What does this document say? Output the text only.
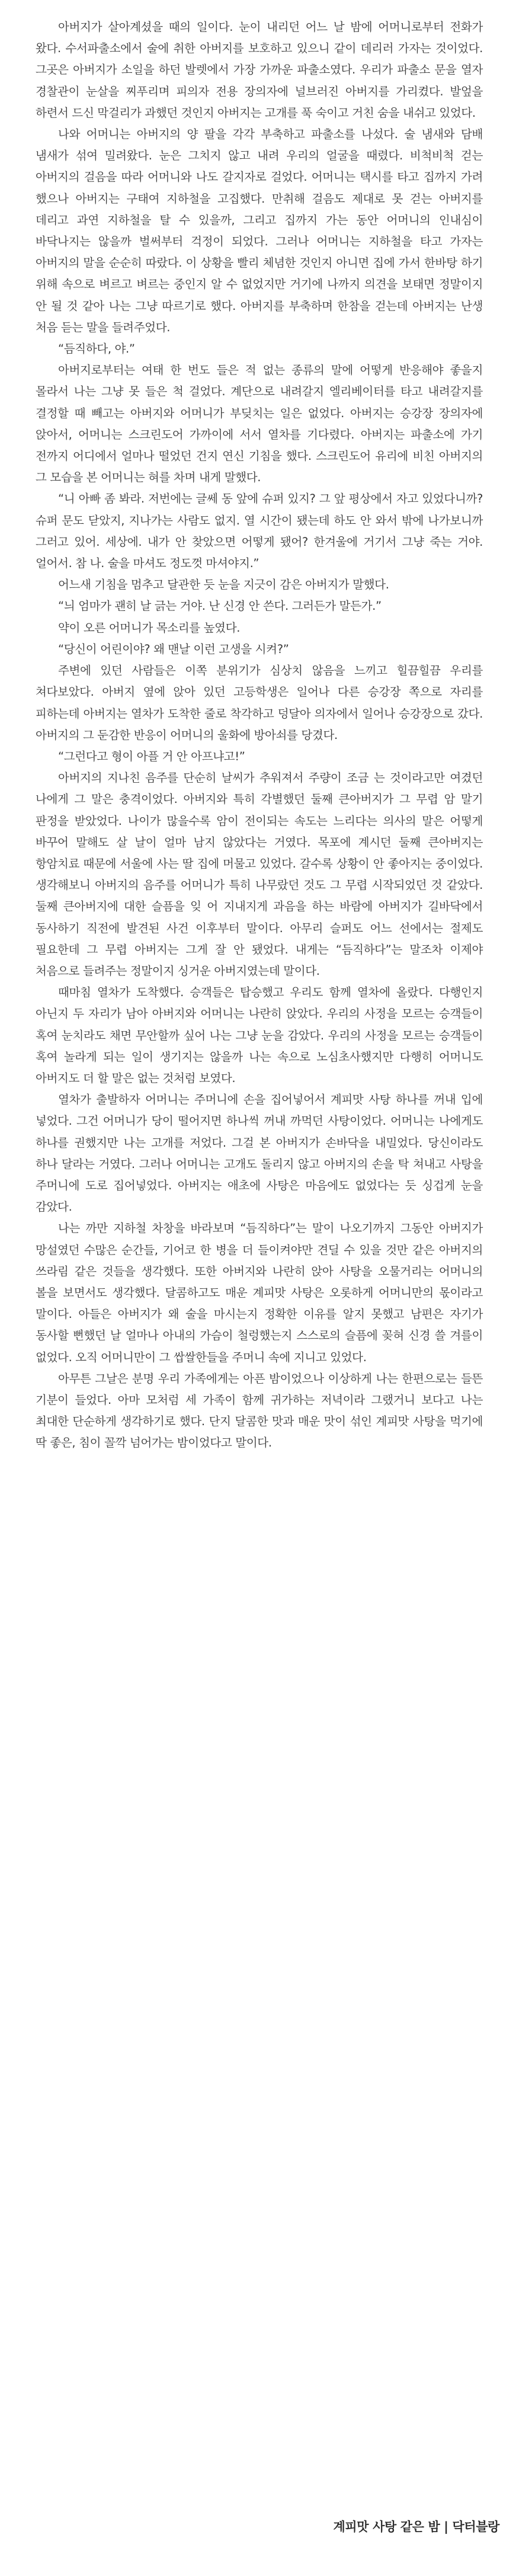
아버지가 살아계셨을 때의 일이다. 눈이 내리던 어느 날 밤에 어머니로부터 전화가 왔다. 수서파출소에서 술에 취한 아버지를 보호하고 있으니 같이 데리러 가자는 것이었다. 그곳은 아버지가 소일을 하던 발렛에서 가장 가까운 파출소였다. 우리가 파출소 문을 열자 경찰관이 눈살을 찌푸리며 피의자 전용 장의자에 널브러진 아버지를 가리켰다. 발엎을 하련서 드신 막걸리가 과했던 것인지 아버지는 고개를 푹 숙이고 거친 숨을 내쉬고 있었다.

나와 어머니는 아버지의 양 팔을 각각 부축하고 파출소를 나섰다. 술 냄새와 담배 냄새가 섞여 밀려왔다. 눈은 그치지 않고 내려 우리의 얼굴을 때렸다. 비척비척 걷는 아버지의 걸음을 따라 어머니와 나도 갈지자로 걸었다. 어머니는 택시를 타고 집까지 가려 했으나 아버지는 구태여 지하철을 고집했다. 만취해 걸음도 제대로 못 걷는 아버지를 데리고 과연 지하철을 탈 수 있을까, 그리고 집까지 가는 동안 어머니의 인내심이 바닥나지는 않을까 벌써부터 걱정이 되었다. 그러나 어머니는 지하철을 타고 가자는 아버지의 말을 순순히 따랐다. 이 상황을 빨리 체념한 것인지 아니면 집에 가서 한바탕 하기 위해 속으로 벼르고 벼르는 중인지 알 수 없었지만 거기에 나까지 의견을 보태면 정말이지 안 될 것 같아 나는 그냥 따르기로 했다. 아버지를 부축하며 한참을 걷는데 아버지는 난생 처음 듣는 말을 들려주었다.

“듬직하다, 야.”

아버지로부터는 여태 한 번도 들은 적 없는 종류의 말에 어떻게 반응해야 좋을지 몰라서 나는 그냥 못 들은 척 걸었다. 계단으로 내려갈지 엘리베이터를 타고 내려갈지를 결정할 때 빼고는 아버지와 어머니가 부딪치는 일은 없었다. 아버지는 승강장 장의자에 앉아서, 어머니는 스크린도어 가까이에 서서 열차를 기다렸다. 아버지는 파출소에 가기 전까지 어디에서 얼마나 떨었던 건지 연신 기침을 했다. 스크린도어 유리에 비친 아버지의 그 모습을 본 어머니는 혀를 차며 내게 말했다.

“니 아빠 좀 봐라. 저번에는 글쎄 동 앞에 슈퍼 있지? 그 앞 평상에서 자고 있었다니까? 슈퍼 문도 닫았지, 지나가는 사람도 없지. 열 시간이 됐는데 하도 안 와서 밖에 나가보니까 그러고 있어. 세상에. 내가 안 찾았으면 어떻게 됐어? 한겨울에 거기서 그냥 죽는 거야. 얼어서. 참 나. 술을 마셔도 정도껏 마셔야지.”

어느새 기침을 멈추고 달관한 듯 눈을 지긋이 감은 아버지가 말했다.

“늬 엄마가 괜히 날 긁는 거야. 난 신경 안 쓴다. 그러든가 말든가.”

약이 오른 어머니가 목소리를 높였다.

“당신이 어린이야? 왜 맨날 이런 고생을 시켜?”

주변에 있던 사람들은 이쪽 분위기가 심상치 않음을 느끼고 힐끔힐끔 우리를 쳐다보았다. 아버지 옆에 앉아 있던 고등학생은 일어나 다른 승강장 쪽으로 자리를 피하는데 아버지는 열차가 도착한 줄로 착각하고 덩달아 의자에서 일어나 승강장으로 갔다. 아버지의 그 둔감한 반응이 어머니의 울화에 방아쇠를 당겼다.

“그런다고 형이 아플 거 안 아프냐고!”

아버지의 지나친 음주를 단순히 날씨가 추워져서 주량이 조금 는 것이라고만 여겼던 나에게 그 말은 충격이었다. 아버지와 특히 각별했던 둘째 큰아버지가 그 무렵 암 말기 판정을 받았었다. 나이가 많을수록 암이 전이되는 속도는 느리다는 의사의 말은 어떻게 바꾸어 말해도 살 날이 얼마 남지 않았다는 거였다. 목포에 계시던 둘째 큰아버지는 항암치료 때문에 서울에 사는 딸 집에 머물고 있었다. 갈수록 상황이 안 좋아지는 중이었다. 생각해보니 아버지의 음주를 어머니가 특히 나무랐던 것도 그 무렵 시작되었던 것 같았다. 둘째 큰아버지에 대한 슬픔을 잊 어 지내지게 과음을 하는 바람에 아버지가 길바닥에서 동사하기 직전에 발견된 사건 이후부터 말이다. 아무리 슬퍼도 어느 선에서는 절제도 필요한데 그 무렵 아버지는 그게 잘 안 됐었다. 내게는 “듬직하다”는 말조차 이제야 처음으로 들려주는 정말이지 싱거운 아버지였는데 말이다.

때마침 열차가 도착했다. 승객들은 탑승했고 우리도 함께 열차에 올랐다. 다행인지 아닌지 두 자리가 남아 아버지와 어머니는 나란히 앉았다. 우리의 사정을 모르는 승객들이 혹여 눈치라도 채면 무안할까 싶어 나는 그냥 눈을 감았다. 우리의 사정을 모르는 승객들이 혹여 놀라게 되는 일이 생기지는 않을까 나는 속으로 노심초사했지만 다행히 어머니도 아버지도 더 할 말은 없는 것처럼 보였다.

열차가 출발하자 어머니는 주머니에 손을 집어넣어서 계피맛 사탕 하나를 꺼내 입에 넣었다. 그건 어머니가 당이 떨어지면 하나씩 꺼내 까먹던 사탕이었다. 어머니는 나에게도 하나를 권했지만 나는 고개를 저었다. 그걸 본 아버지가 손바닥을 내밀었다. 당신이라도 하나 달라는 거였다. 그러나 어머니는 고개도 돌리지 않고 아버지의 손을 탁 쳐내고 사탕을 주머니에 도로 집어넣었다. 아버지는 애초에 사탕은 마음에도 없었다는 듯 싱겁게 눈을 감았다.

나는 까만 지하철 차창을 바라보며 “듬직하다”는 말이 나오기까지 그동안 아버지가 망설였던 수많은 순간들, 기어코 한 병을 더 들이켜야만 견딜 수 있을 것만 같은 아버지의 쓰라림 같은 것들을 생각했다. 또한 아버지와 나란히 앉아 사탕을 오물거리는 어머니의 볼을 보면서도 생각했다. 달콤하고도 매운 계피맛 사탕은 오롯하게 어머니만의 몫이라고 말이다. 아들은 아버지가 왜 술을 마시는지 정확한 이유를 알지 못했고 남편은 자기가 동사할 뻔했던 날 얼마나 아내의 가슴이 철렁했는지 스스로의 슬픔에 꽂혀 신경 쓸 겨를이 없었다. 오직 어머니만이 그 쌉쌀한들을 주머니 속에 지니고 있었다.

아무튼 그날은 분명 우리 가족에게는 아픈 밤이었으나 이상하게 나는 한편으로는 들뜬 기분이 들었다. 아마 모처럼 세 가족이 함께 귀가하는 저녁이라 그랬거니 보다고 나는 최대한 단순하게 생각하기로 했다. 단지 달콤한 맛과 매운 맛이 섞인 계피맛 사탕을 먹기에 딱 좋은, 침이 꼴깍 넘어가는 밤이었다고 말이다.

계피맛 사탕 같은 밤 | 닥터블랑
